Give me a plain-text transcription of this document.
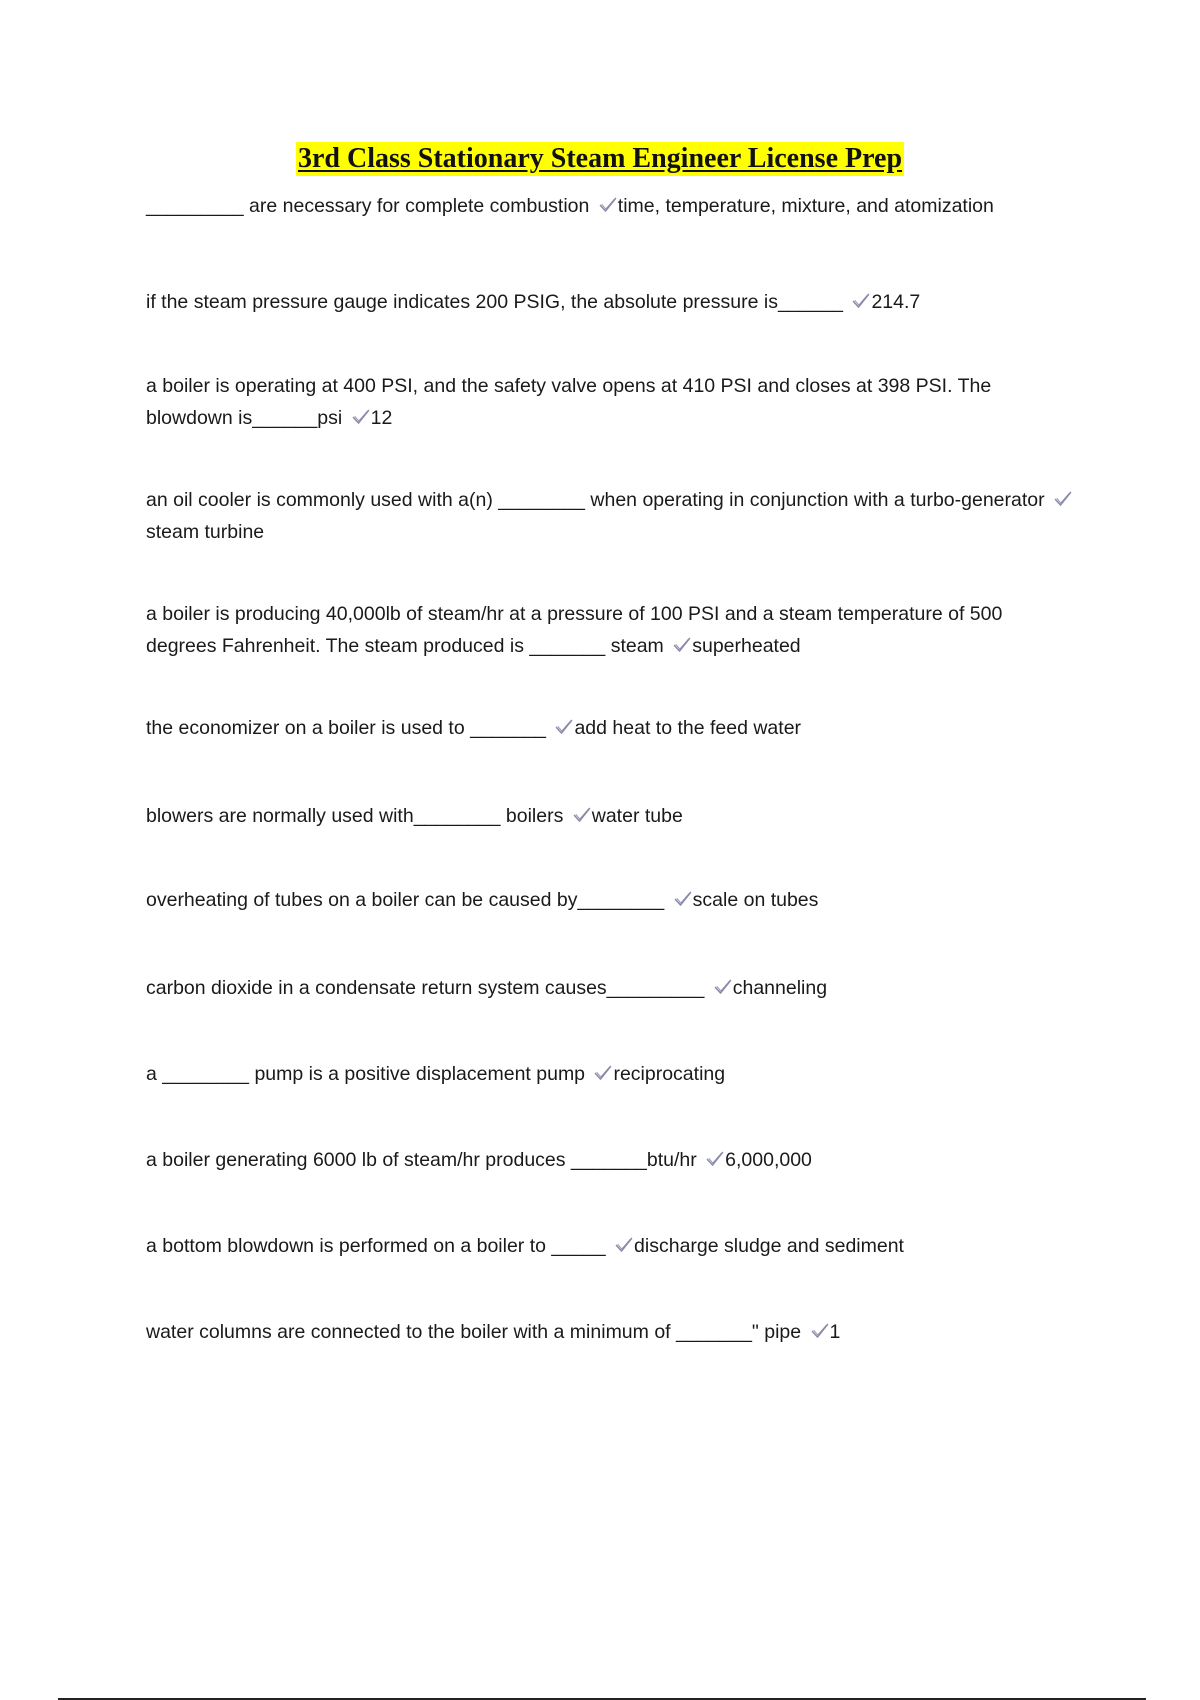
3rd Class Stationary Steam Engineer License Prep
_________ are necessary for complete combustion time, temperature, mixture, and atomization
if the steam pressure gauge indicates 200 PSIG, the absolute pressure is______ 214.7
a boiler is operating at 400 PSI, and the safety valve opens at 410 PSI and closes at 398 PSI. The blowdown is______psi 12
an oil cooler is commonly used with a(n) ________ when operating in conjunction with a turbo-generator
steam turbine
a boiler is producing 40,000lb of steam/hr at a pressure of 100 PSI and a steam temperature of 500 degrees Fahrenheit. The steam produced is _______ steam superheated
the economizer on a boiler is used to _______ add heat to the feed water
blowers are normally used with________ boilers water tube
overheating of tubes on a boiler can be caused by________ scale on tubes
carbon dioxide in a condensate return system causes_________ channeling
a ________ pump is a positive displacement pump reciprocating
a boiler generating 6000 lb of steam/hr produces _______btu/hr 6,000,000
a bottom blowdown is performed on a boiler to _____ discharge sludge and sediment
water columns are connected to the boiler with a minimum of _______" pipe 1
